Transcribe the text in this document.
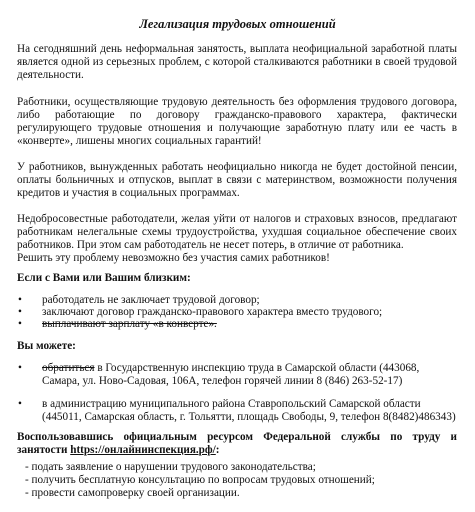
Легализация трудовых отношений
На сегодняшний день неформальная занятость, выплата неофициальной заработной платы является одной из серьезных проблем, с которой сталкиваются работники в своей трудовой деятельности.
Работники, осуществляющие трудовую деятельность без оформления трудового договора, либо работающие по договору гражданско-правового характера, фактически регулирующего трудовые отношения и получающие заработную плату или ее часть в «конверте», лишены многих социальных гарантий!
У работников, вынужденных работать неофициально никогда не будет достойной пенсии, оплаты больничных и отпусков, выплат в связи с материнством, возможности получения кредитов и участия в социальных программах.
Недобросовестные работодатели, желая уйти от налогов и страховых взносов, предлагают работникам нелегальные схемы трудоустройства, ухудшая социальное обеспечение своих работников. При этом сам работодатель не несет потерь, в отличие от работника.
Решить эту проблему невозможно без участия самих работников!
Если с Вами или Вашим близким:
• работодатель не заключает трудовой договор;
• заключают договор гражданско-правового характера вместо трудового;
• выплачивают зарплату «в конверте».
Вы можете:
• обратиться в Государственную инспекцию труда в Самарской области (443068, Самара, ул. Ново-Садовая, 106А, телефон горячей линии 8 (846) 263-52-17)
• в администрацию муниципального района Ставропольский Самарской области (445011, Самарская область, г. Тольятти, площадь Свободы, 9, телефон 8(8482)486343)
Воспользовавшись официальным ресурсом Федеральной службы по труду и занятости https://онлайнинспекция.рф/:
- подать заявление о нарушении трудового законодательства;
- получить бесплатную консультацию по вопросам трудовых отношений;
- провести самопроверку своей организации.
